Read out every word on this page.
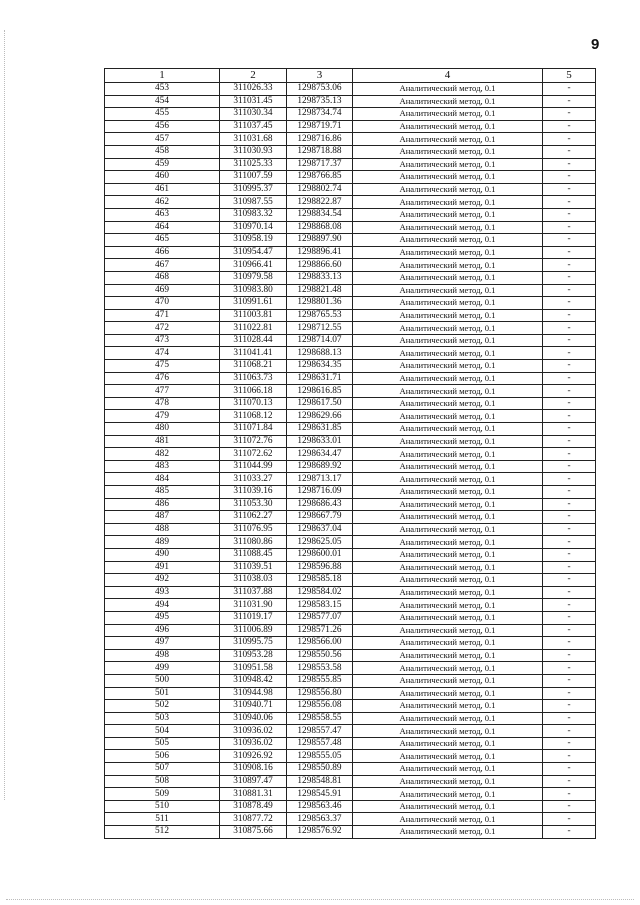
9
1	2	3	4	5
453	311026.33	1298753.06	Аналитический метод, 0.1	-
454	311031.45	1298735.13	Аналитический метод, 0.1	-
455	311030.34	1298734.74	Аналитический метод, 0.1	-
456	311037.45	1298719.71	Аналитический метод, 0.1	-
457	311031.68	1298716.86	Аналитический метод, 0.1	-
458	311030.93	1298718.88	Аналитический метод, 0.1	-
459	311025.33	1298717.37	Аналитический метод, 0.1	-
460	311007.59	1298766.85	Аналитический метод, 0.1	-
461	310995.37	1298802.74	Аналитический метод, 0.1	-
462	310987.55	1298822.87	Аналитический метод, 0.1	-
463	310983.32	1298834.54	Аналитический метод, 0.1	-
464	310970.14	1298868.08	Аналитический метод, 0.1	-
465	310958.19	1298897.90	Аналитический метод, 0.1	-
466	310954.47	1298896.41	Аналитический метод, 0.1	-
467	310966.41	1298866.60	Аналитический метод, 0.1	-
468	310979.58	1298833.13	Аналитический метод, 0.1	-
469	310983.80	1298821.48	Аналитический метод, 0.1	-
470	310991.61	1298801.36	Аналитический метод, 0.1	-
471	311003.81	1298765.53	Аналитический метод, 0.1	-
472	311022.81	1298712.55	Аналитический метод, 0.1	-
473	311028.44	1298714.07	Аналитический метод, 0.1	-
474	311041.41	1298688.13	Аналитический метод, 0.1	-
475	311068.21	1298634.35	Аналитический метод, 0.1	-
476	311063.73	1298631.71	Аналитический метод, 0.1	-
477	311066.18	1298616.85	Аналитический метод, 0.1	-
478	311070.13	1298617.50	Аналитический метод, 0.1	-
479	311068.12	1298629.66	Аналитический метод, 0.1	-
480	311071.84	1298631.85	Аналитический метод, 0.1	-
481	311072.76	1298633.01	Аналитический метод, 0.1	-
482	311072.62	1298634.47	Аналитический метод, 0.1	-
483	311044.99	1298689.92	Аналитический метод, 0.1	-
484	311033.27	1298713.17	Аналитический метод, 0.1	-
485	311039.16	1298716.09	Аналитический метод, 0.1	-
486	311053.30	1298686.43	Аналитический метод, 0.1	-
487	311062.27	1298667.79	Аналитический метод, 0.1	-
488	311076.95	1298637.04	Аналитический метод, 0.1	-
489	311080.86	1298625.05	Аналитический метод, 0.1	-
490	311088.45	1298600.01	Аналитический метод, 0.1	-
491	311039.51	1298596.88	Аналитический метод, 0.1	-
492	311038.03	1298585.18	Аналитический метод, 0.1	-
493	311037.88	1298584.02	Аналитический метод, 0.1	-
494	311031.90	1298583.15	Аналитический метод, 0.1	-
495	311019.17	1298577.07	Аналитический метод, 0.1	-
496	311006.89	1298571.26	Аналитический метод, 0.1	-
497	310995.75	1298566.00	Аналитический метод, 0.1	-
498	310953.28	1298550.56	Аналитический метод, 0.1	-
499	310951.58	1298553.58	Аналитический метод, 0.1	-
500	310948.42	1298555.85	Аналитический метод, 0.1	-
501	310944.98	1298556.80	Аналитический метод, 0.1	-
502	310940.71	1298556.08	Аналитический метод, 0.1	-
503	310940.06	1298558.55	Аналитический метод, 0.1	-
504	310936.02	1298557.47	Аналитический метод, 0.1	-
505	310936.02	1298557.48	Аналитический метод, 0.1	-
506	310926.92	1298555.05	Аналитический метод, 0.1	-
507	310908.16	1298550.89	Аналитический метод, 0.1	-
508	310897.47	1298548.81	Аналитический метод, 0.1	-
509	310881.31	1298545.91	Аналитический метод, 0.1	-
510	310878.49	1298563.46	Аналитический метод, 0.1	-
511	310877.72	1298563.37	Аналитический метод, 0.1	-
512	310875.66	1298576.92	Аналитический метод, 0.1	-
